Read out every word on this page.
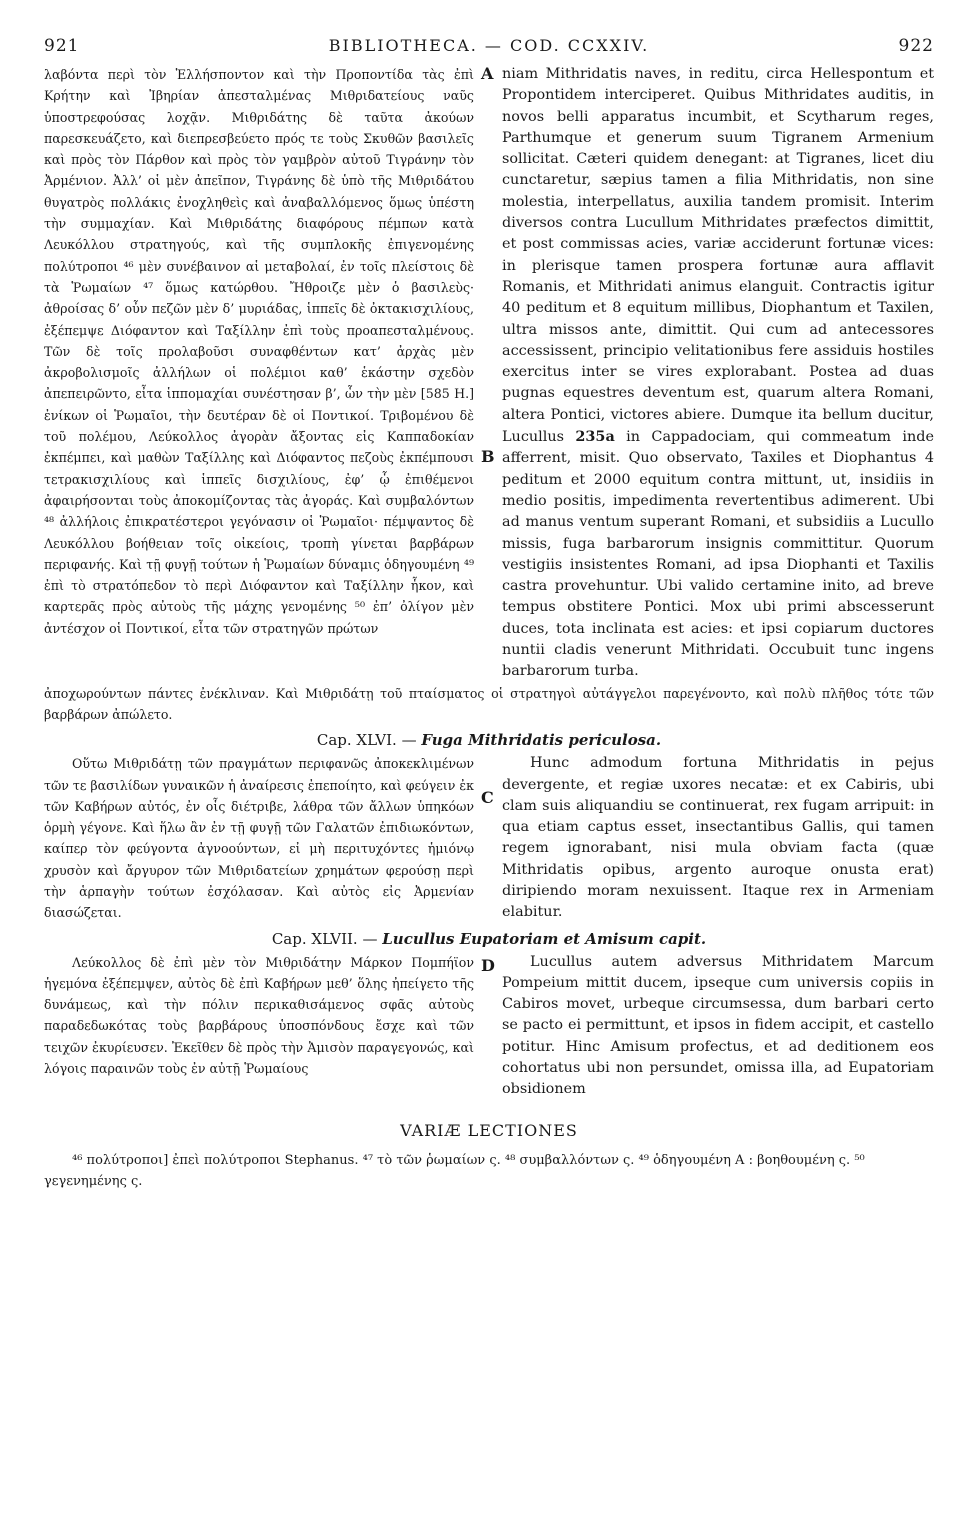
921	BIBLIOTHECA. — COD. CCXXIV.	922

λαβόντα περὶ τὸν Ἑλλήσποντον καὶ τὴν Προποντίδα τὰς ἐπὶ Κρήτην καὶ Ἰβηρίαν ἀπεσταλμένας Μιθριδατείους ναῦς ὑποστρεφούσας λοχᾷν. Μιθριδάτης δὲ ταῦτα ἀκούων παρεσκευάζετο, καὶ διεπρεσβεύετο πρός τε τοὺς Σκυθῶν βασιλεῖς καὶ πρὸς τὸν Πάρθον καὶ πρὸς τὸν γαμβρὸν αὐτοῦ Τιγράνην τὸν Ἀρμένιον. Ἀλλ’ οἱ μὲν ἀπεῖπον, Τιγράνης δὲ ὑπὸ τῆς Μιθριδάτου θυγατρὸς πολλάκις ἐνοχληθεὶς καὶ ἀναβαλλόμενος ὅμως ὑπέστη τὴν συμμαχίαν. Καὶ Μιθριδάτης διαφόρους πέμπων κατὰ Λευκόλλου στρατηγούς, καὶ τῆς συμπλοκῆς ἐπιγενομένης πολύτροποι ⁴⁶ μὲν συνέβαινον αἱ μεταβολαί, ἐν τοῖς πλείστοις δὲ τὰ Ῥωμαίων ⁴⁷ ὅμως κατώρθου. Ἤθροιζε μὲν ὁ βασιλεὺς· ἀθροίσας δ’ οὖν πεζῶν μὲν δ’ μυριάδας, ἱππεῖς δὲ ὀκτακισχιλίους, ἐξέπεμψε Διόφαντον καὶ Ταξίλλην ἐπὶ τοὺς προαπεσταλμένους. Τῶν δὲ τοῖς προλαβοῦσι συναφθέντων κατ’ ἀρχὰς μὲν ἀκροβολισμοῖς ἀλλήλων οἱ πολέμιοι καθ’ ἑκάστην σχεδὸν ἀπεπειρῶντο, εἶτα ἱππομαχίαι συνέστησαν β’, ὧν τὴν μὲν [585 H.] ἐνίκων οἱ Ῥωμαῖοι, τὴν δευτέραν δὲ οἱ Ποντικοί. Τριβομένου δὲ τοῦ πολέμου, Λεύκολλος ἀγορὰν ἄξοντας εἰς Καππαδοκίαν ἐκπέμπει, καὶ μαθὼν Ταξίλλης καὶ Διόφαντος πεζοὺς ἐκπέμπουσι τετρακισχιλίους καὶ ἱππεῖς δισχιλίους, ἐφ’ ᾧ ἐπιθέμενοι ἀφαιρήσονται τοὺς ἀποκομίζοντας τὰς ἀγοράς. Καὶ συμβαλόντων ⁴⁸ ἀλλήλοις ἐπικρατέστεροι γεγόνασιν οἱ Ῥωμαῖοι· πέμψαντος δὲ Λευκόλλου βοήθειαν τοῖς οἰκείοις, τροπὴ γίνεται βαρβάρων περιφανής. Καὶ τῇ φυγῇ τούτων ἡ Ῥωμαίων δύναμις ὁδηγουμένη ⁴⁹ ἐπὶ τὸ στρατόπεδον τὸ περὶ Διόφαντον καὶ Ταξίλλην ἧκον, καὶ καρτερᾶς πρὸς αὐτοὺς τῆς μάχης γενομένης ⁵⁰ ἐπ’ ὀλίγον μὲν ἀντέσχον οἱ Ποντικοί, εἶτα τῶν στρατηγῶν πρώτων

A
B
C

niam Mithridatis naves, in reditu, circa Hellespontum et Propontidem interciperet. Quibus Mithridates auditis, in novos belli apparatus incumbit, et Scytharum reges, Parthumque et generum suum Tigranem Armenium sollicitat. Cæteri quidem denegant: at Tigranes, licet diu cunctaretur, sæpius tamen a filia Mithridatis, non sine molestia, interpellatus, auxilia tandem promisit. Interim diversos contra Lucullum Mithridates præfectos dimittit, et post commissas acies, variæ acciderunt fortunæ vices: in plerisque tamen prospera fortunæ aura afflavit Romanis, et Mithridati animus elanguit. Contractis igitur 40 peditum et 8 equitum millibus, Diophantum et Taxilen, ultra missos ante, dimittit. Qui cum ad antecessores accessissent, principio velitationibus fere assiduis hostiles exercitus inter se vires explorabant. Postea ad duas pugnas equestres deventum est, quarum altera Romani, altera Pontici, victores abiere. Dumque ita bellum ducitur, Lucullus 235a in Cappadociam, qui commeatum inde afferrent, misit. Quo observato, Taxiles et Diophantus 4 peditum et 2000 equitum contra mittunt, ut, insidiis in medio positis, impedimenta revertentibus adimerent. Ubi ad manus ventum superant Romani, et subsidiis a Lucullo missis, fuga barbarorum insignis committitur. Quorum vestigiis insistentes Romani, ad ipsa Diophanti et Taxilis castra provehuntur. Ubi valido certamine inito, ad breve tempus obstitere Pontici. Mox ubi primi abscesserunt duces, tota inclinata est acies: et ipsi copiarum ductores nuntii cladis venerunt Mithridati. Occubuit tunc ingens barbarorum turba.

ἀποχωρούντων πάντες ἐνέκλιναν. Καὶ Μιθριδάτῃ τοῦ πταίσματος οἱ στρατηγοὶ αὐτάγγελοι παρεγένοντο, καὶ πολὺ πλῆθος τότε τῶν βαρβάρων ἀπώλετο.
Cap. XLVI. — Fuga Mithridatis periculosa.

Οὕτω Μιθριδάτῃ τῶν πραγμάτων περιφανῶς ἀποκεκλιμένων τῶν τε βασιλίδων γυναικῶν ἡ ἀναίρεσις ἐπεποίητο, καὶ φεύγειν ἐκ τῶν Καβήρων αὐτός, ἐν οἷς διέτριβε, λάθρα τῶν ἄλλων ὑπηκόων ὁρμὴ γέγονε. Καὶ ἥλω ἂν ἐν τῇ φυγῇ τῶν Γαλατῶν ἐπιδιωκόντων, καίπερ τὸν φεύγοντα ἀγνοούντων, εἰ μὴ περιτυχόντες ἡμιόνῳ χρυσὸν καὶ ἄργυρον τῶν Μιθριδατείων χρημάτων φερούσῃ περὶ τὴν ἁρπαγὴν τούτων ἐσχόλασαν. Καὶ αὐτὸς εἰς Ἀρμενίαν διασώζεται.

Hunc admodum fortuna Mithridatis in pejus devergente, et regiæ uxores necatæ: et ex Cabiris, ubi clam suis aliquandiu se continuerat, rex fugam arripuit: in qua etiam captus esset, insectantibus Gallis, qui tamen regem ignorabant, nisi mula obviam facta (quæ Mithridatis opibus, argento auroque onusta erat) diripiendo moram nexuissent. Itaque rex in Armeniam elabitur.

Cap. XLVII. — Lucullus Eupatoriam et Amisum capit.

Λεύκολλος δὲ ἐπὶ μὲν τὸν Μιθριδάτην Μάρκον Πομπήϊον ἡγεμόνα ἐξέπεμψεν, αὐτὸς δὲ ἐπὶ Καβήρων μεθ’ ὅλης ἠπείγετο τῆς δυνάμεως, καὶ τὴν πόλιν περικαθισάμενος σφᾶς αὐτοὺς παραδεδωκότας τοὺς βαρβάρους ὑποσπόνδους ἔσχε καὶ τῶν τειχῶν ἐκυρίευσεν. Ἐκεῖθεν δὲ πρὸς τὴν Ἀμισὸν παραγεγονώς, καὶ λόγοις παραινῶν τοὺς ἐν αὐτῇ Ῥωμαίους

D	Lucullus autem adversus Mithridatem Marcum Pompeium mittit ducem, ipseque cum universis copiis in Cabiros movet, urbeque circumsessa, dum barbari certo se pacto ei permittunt, et ipsos in fidem accipit, et castello potitur. Hinc Amisum profectus, et ad deditionem eos cohortatus ubi non persundet, omissa illa, ad Eupatoriam obsidionem

VARIÆ LECTIONES
⁴⁶ πολύτροποι] ἐπεὶ πολύτροποι Stephanus. ⁴⁷ τὸ τῶν ῥωμαίων ς. ⁴⁸ συμβαλλόντων ς. ⁴⁹ ὁδηγουμένη A : βοηθουμένη ς. ⁵⁰ γεγενημένης ς.
